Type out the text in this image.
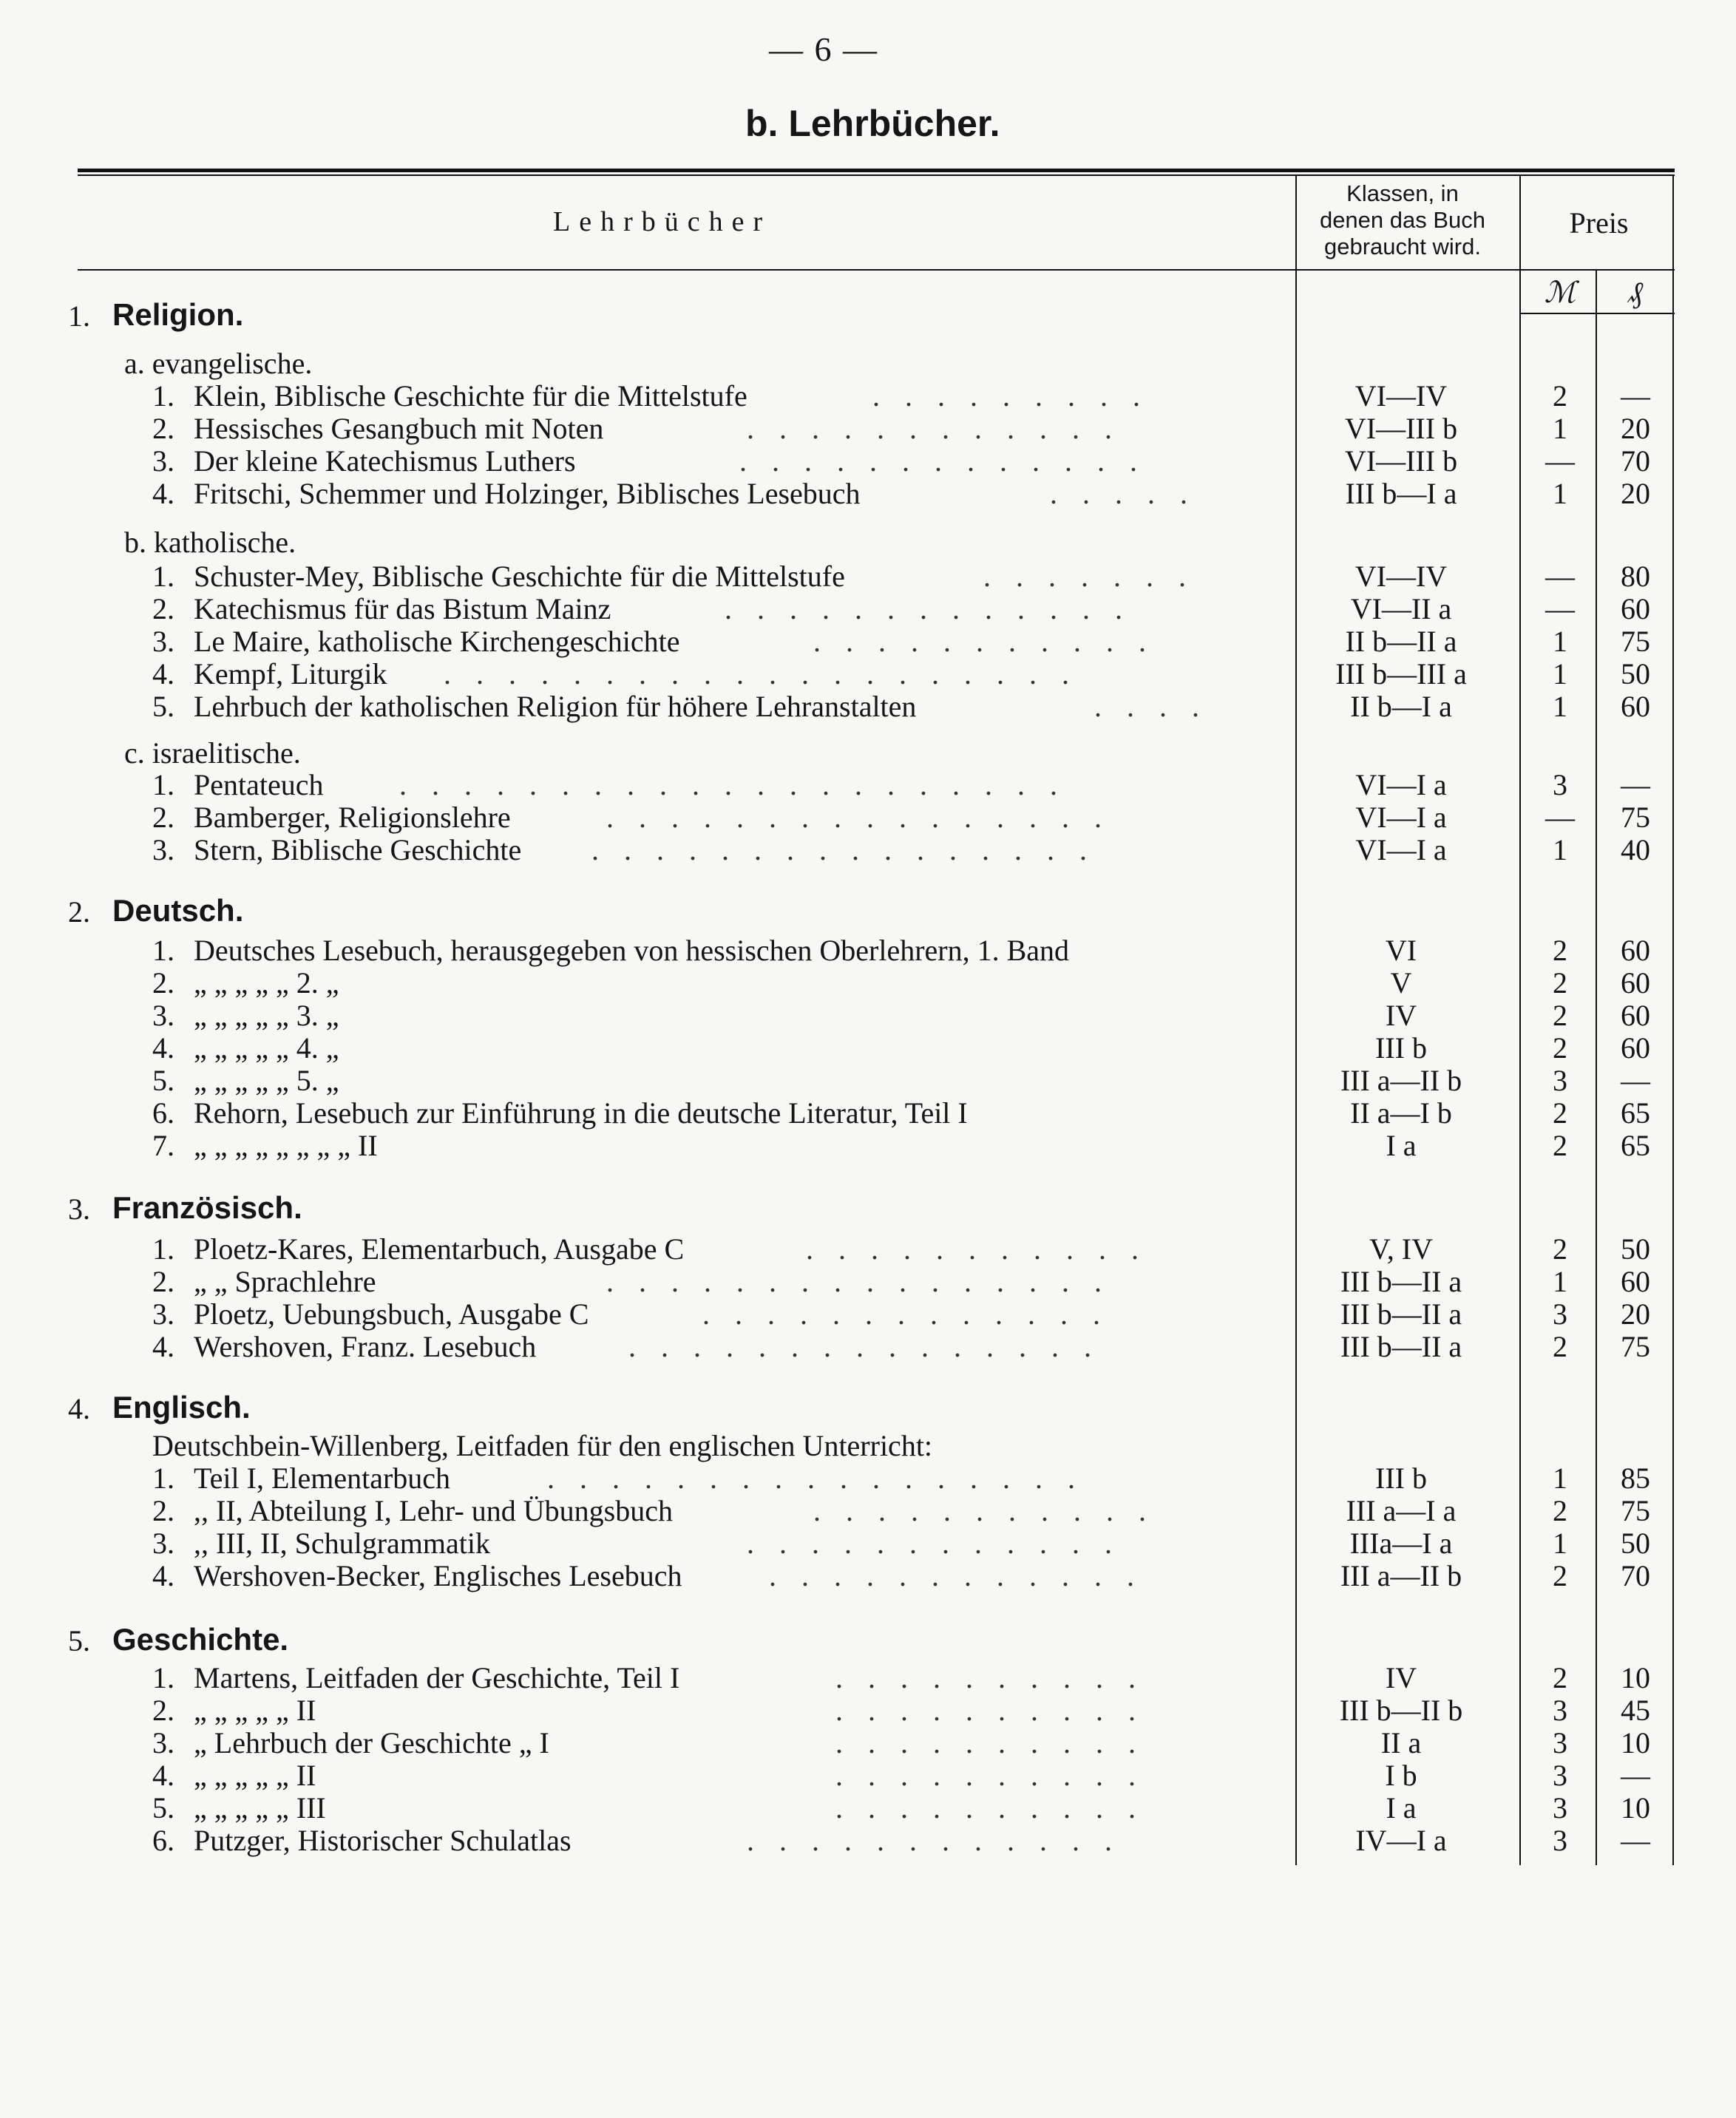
— 6 —
b. Lehrbücher.
Lehrbücher
Klassen, in
denen das Buch
gebraucht wird.
Preis
ℳ	₰
1. Religion.
2. Deutsch.
3. Französisch.
4. Englisch.
5. Geschichte.
a. evangelische.
b. katholische.
c. israelitische.
Deutschbein-Willenberg, Leitfaden für den englischen Unterricht:
1. Klein, Biblische Geschichte für die Mittelstufe	.........	VI—IV	2	—
2. Hessisches Gesangbuch mit Noten	............	VI—III b	1	20
3. Der kleine Katechismus Luthers	.............	VI—III b	—	70
4. Fritschi, Schemmer und Holzinger, Biblisches Lesebuch	.....	III b—I a	1	20
1. Schuster-Mey, Biblische Geschichte für die Mittelstufe	.......	VI—IV	—	80
2. Katechismus für das Bistum Mainz	.............	VI—II a	—	60
3. Le Maire, katholische Kirchengeschichte	...........	II b—II a	1	75
4. Kempf, Liturgik ....................	III b—III a	1	50
5. Lehrbuch der katholischen Religion für höhere Lehranstalten	....	II b—I a	1	60
1. Pentateuch	.....................	VI—I a	3	—
2. Bamberger, Religionslehre	................	VI—I a	—	75
3. Stern, Biblische Geschichte ................	VI—I a	1	40
1. Deutsches Lesebuch, herausgegeben von hessischen Oberlehrern, 1. Band	VI	2	60
2. „ „ „ „ „ 2. „	V	2	60
3. „ „ „ „ „ 3. „	IV	2	60
4. „ „ „ „ „ 4. „	III b	2	60
5. „ „ „ „ „ 5. „	III a—II b	3	—
6. Rehorn, Lesebuch zur Einführung in die deutsche Literatur, Teil I	II a—I b	2	65
7. „ „ „ „ „ „ „ „ II	I a	2	65
1. Ploetz-Kares, Elementarbuch, Ausgabe C	...........	V, IV	2	50
2. „ „ Sprachlehre	................	III b—II a	1	60
3. Ploetz, Uebungsbuch, Ausgabe C	.............	III b—II a	3	20
4. Wershoven, Franz. Lesebuch	...............	III b—II a	2	75
1. Teil I, Elementarbuch	.................	III b	1	85
2. ,, II, Abteilung I, Lehr- und Übungsbuch	...........	III a—I a	2	75
3. ,, III, II, Schulgrammatik	............	IIIa—I a	1	50
4. Wershoven-Becker, Englisches Lesebuch	............	III a—II b	2	70
1. Martens, Leitfaden der Geschichte, Teil I	..........	IV	2	10
2. „ „ „ „ „ II	..........	III b—II b	3	45
3. „ Lehrbuch der Geschichte „ I	..........	II a	3	10
4. „ „ „ „ „ II	..........	I b	3	—
5. „ „ „ „ „ III	..........	I a	3	10
6. Putzger, Historischer Schulatlas	............	IV—I a	3	—
